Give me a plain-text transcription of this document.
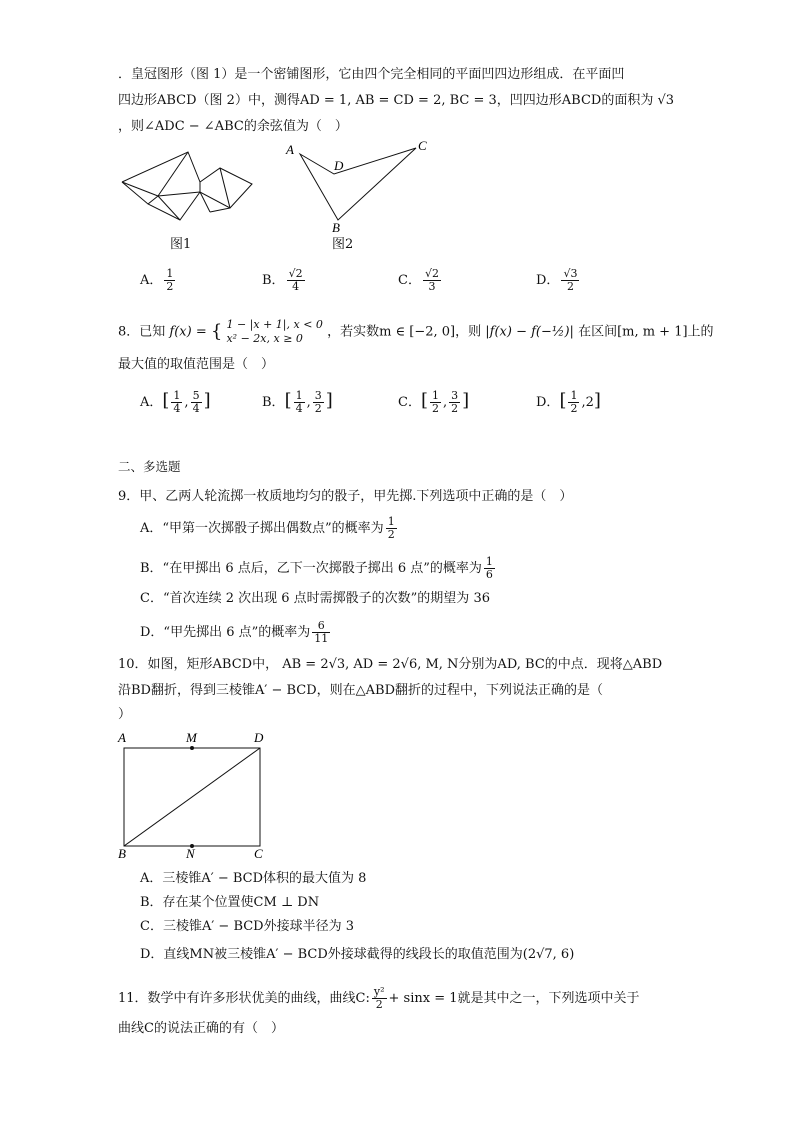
．皇冠图形（图 1）是一个密铺图形，它由四个完全相同的平面凹四边形组成．在平面凹
四边形ABCD（图 2）中，测得AD = 1, AB = CD = 2, BC = 3，凹四边形ABCD的面积为 √3
，则∠ADC − ∠ABC的余弦值为（　）
图1
A
D
C
B
图2
A． $\frac{1}{2}$	B． $\frac{√2}{4}$	C． $\frac{√2}{3}$	D． $\frac{√3}{2}$
8．已知 f(x) = { 1 − |x + 1|, x < 0
x² − 2x, x ≥ 0	，若实数m ∈ [−2, 0]，则 |f(x) − f(−½)| 在区间[m, m + 1]上的
最大值的取值范围是（　）
A．[ $\frac{1}{4}$ , $\frac{5}{4}$ ]	B．[ $\frac{1}{4}$ , $\frac{3}{2}$ ]	C．[ $\frac{1}{2}$ , $\frac{3}{2}$ ]	D．[ $\frac{1}{2} ,2$]
二、多选题
9．甲、乙两人轮流掷一枚质地均匀的骰子，甲先掷.下列选项中正确的是（　）
A．“甲第一次掷骰子掷出偶数点”的概率为 $\frac{1}{2}$
B．“在甲掷出 6 点后，乙下一次掷骰子掷出 6 点”的概率为 $\frac{1}{6}$
C．“首次连续 2 次出现 6 点时需掷骰子的次数”的期望为 36
D．“甲先掷出 6 点”的概率为 $\frac{6}{11}$
10．如图，矩形ABCD中， AB = 2√3, AD = 2√6, M, N分别为AD, BC的中点．现将△ABD
沿BD翻折，得到三棱锥A′ − BCD，则在△ABD翻折的过程中，下列说法正确的是（
）
A	M	D
B	N	C
A．三棱锥A′ − BCD体积的最大值为 8
B．存在某个位置使CM ⊥ DN
C．三棱锥A′ − BCD外接球半径为 3
D．直线MN被三棱锥A′ − BCD外接球截得的线段长的取值范围为(2√7, 6)
11．数学中有许多形状优美的曲线，曲线C: $\frac{\text{y²}}{2} + \sin x = 1$就是其中之一，下列选项中关于
曲线C的说法正确的有（　）
